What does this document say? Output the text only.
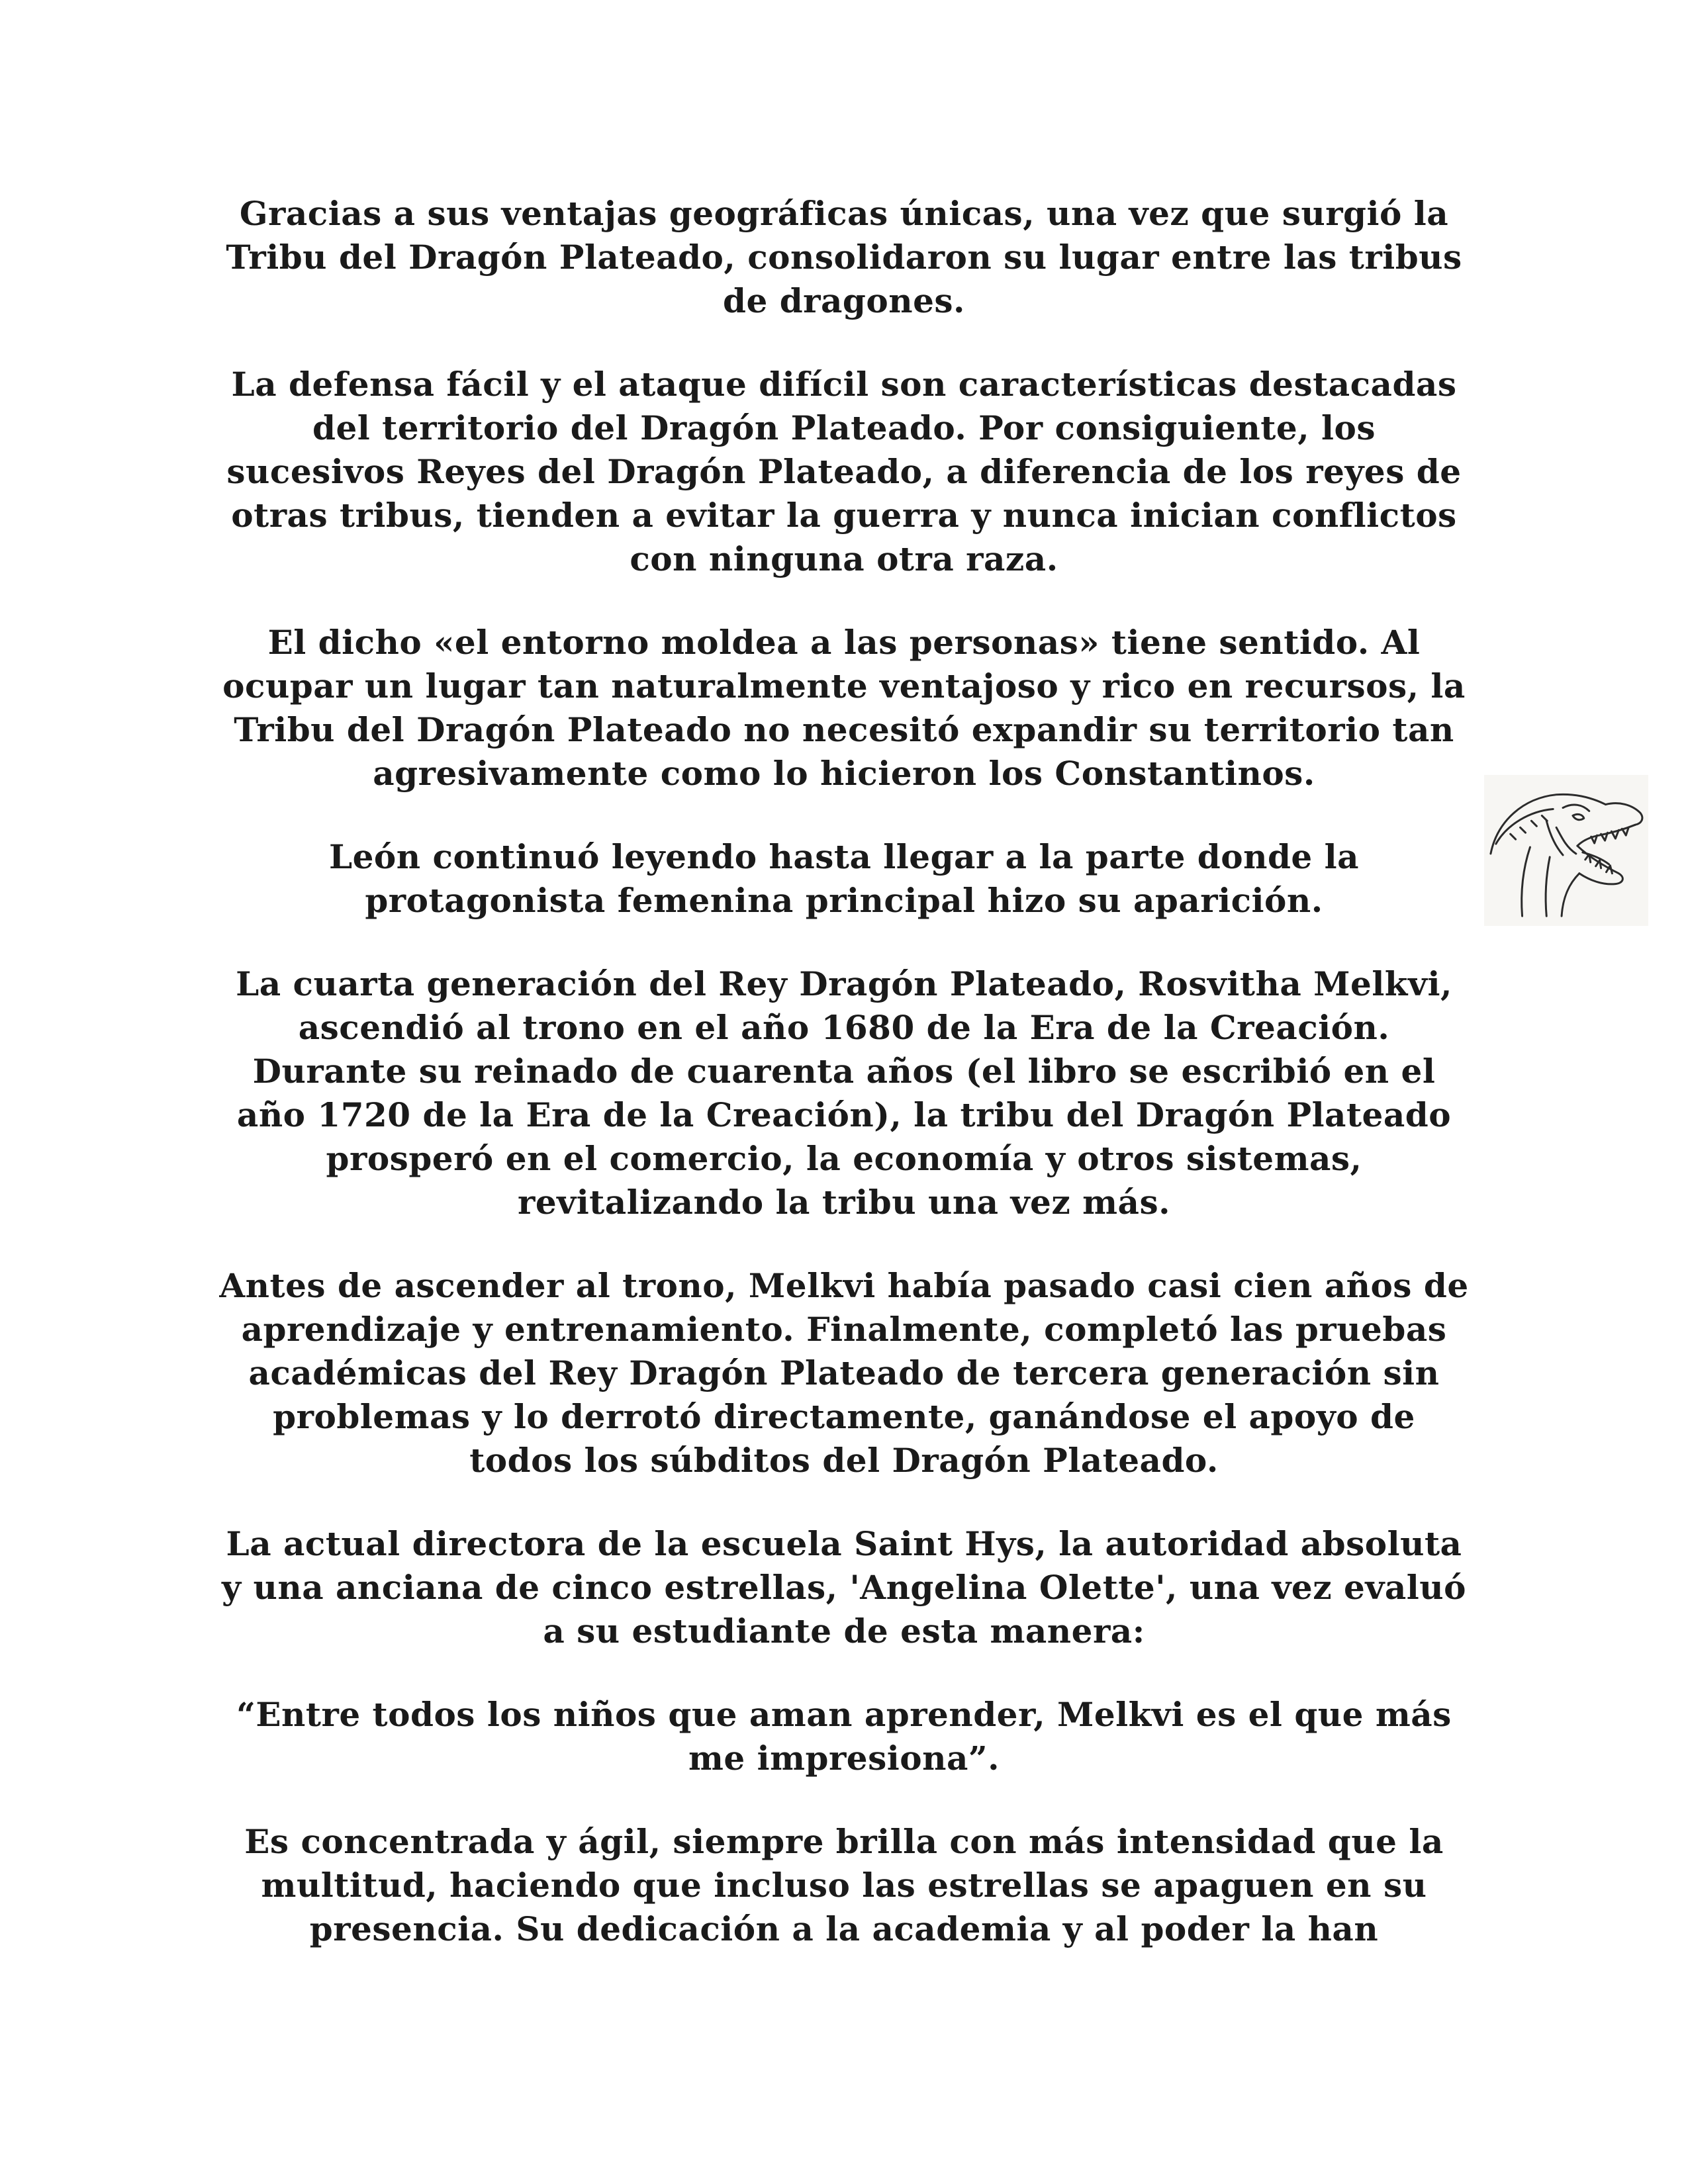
Gracias a sus ventajas geográficas únicas, una vez que surgió la Tribu del Dragón Plateado, consolidaron su lugar entre las tribus de dragones.

La defensa fácil y el ataque difícil son características destacadas del territorio del Dragón Plateado. Por consiguiente, los sucesivos Reyes del Dragón Plateado, a diferencia de los reyes de otras tribus, tienden a evitar la guerra y nunca inician conflictos con ninguna otra raza.

El dicho «el entorno moldea a las personas» tiene sentido. Al ocupar un lugar tan naturalmente ventajoso y rico en recursos, la Tribu del Dragón Plateado no necesitó expandir su territorio tan agresivamente como lo hicieron los Constantinos.

León continuó leyendo hasta llegar a la parte donde la protagonista femenina principal hizo su aparición.

La cuarta generación del Rey Dragón Plateado, Rosvitha Melkvi, ascendió al trono en el año 1680 de la Era de la Creación. Durante su reinado de cuarenta años (el libro se escribió en el año 1720 de la Era de la Creación), la tribu del Dragón Plateado prosperó en el comercio, la economía y otros sistemas, revitalizando la tribu una vez más.

Antes de ascender al trono, Melkvi había pasado casi cien años de aprendizaje y entrenamiento. Finalmente, completó las pruebas académicas del Rey Dragón Plateado de tercera generación sin problemas y lo derrotó directamente, ganándose el apoyo de todos los súbditos del Dragón Plateado.

La actual directora de la escuela Saint Hys, la autoridad absoluta y una anciana de cinco estrellas, 'Angelina Olette', una vez evaluó a su estudiante de esta manera:

“Entre todos los niños que aman aprender, Melkvi es el que más me impresiona”.

Es concentrada y ágil, siempre brilla con más intensidad que la multitud, haciendo que incluso las estrellas se apaguen en su presencia. Su dedicación a la academia y al poder la han
